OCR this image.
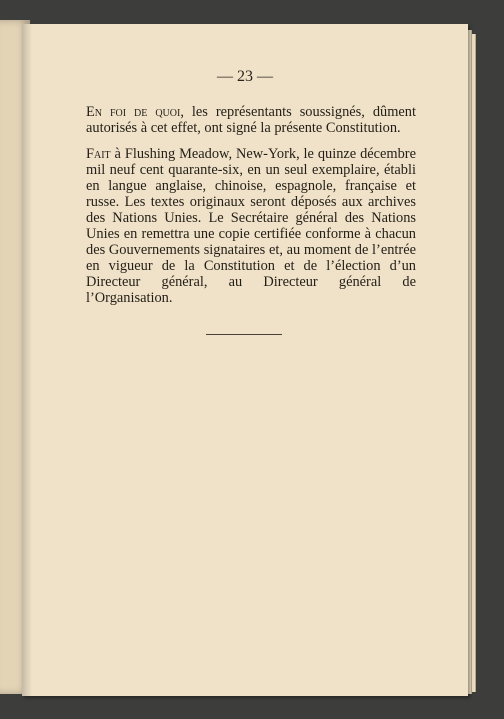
— 23 —

En foi de quoi, les représentants soussignés, dûment autorisés à cet effet, ont signé la présente Constitution.

Fait à Flushing Meadow, New-York, le quinze décembre mil neuf cent quarante-six, en un seul exemplaire, établi en langue anglaise, chinoise, espagnole, française et russe. Les textes originaux seront déposés aux archives des Nations Unies. Le Secrétaire général des Nations Unies en remettra une copie certifiée conforme à chacun des Gouvernements signataires et, au moment de l’entrée en vigueur de la Constitution et de l’élection d’un Directeur général, au Directeur général de l’Organisation.
